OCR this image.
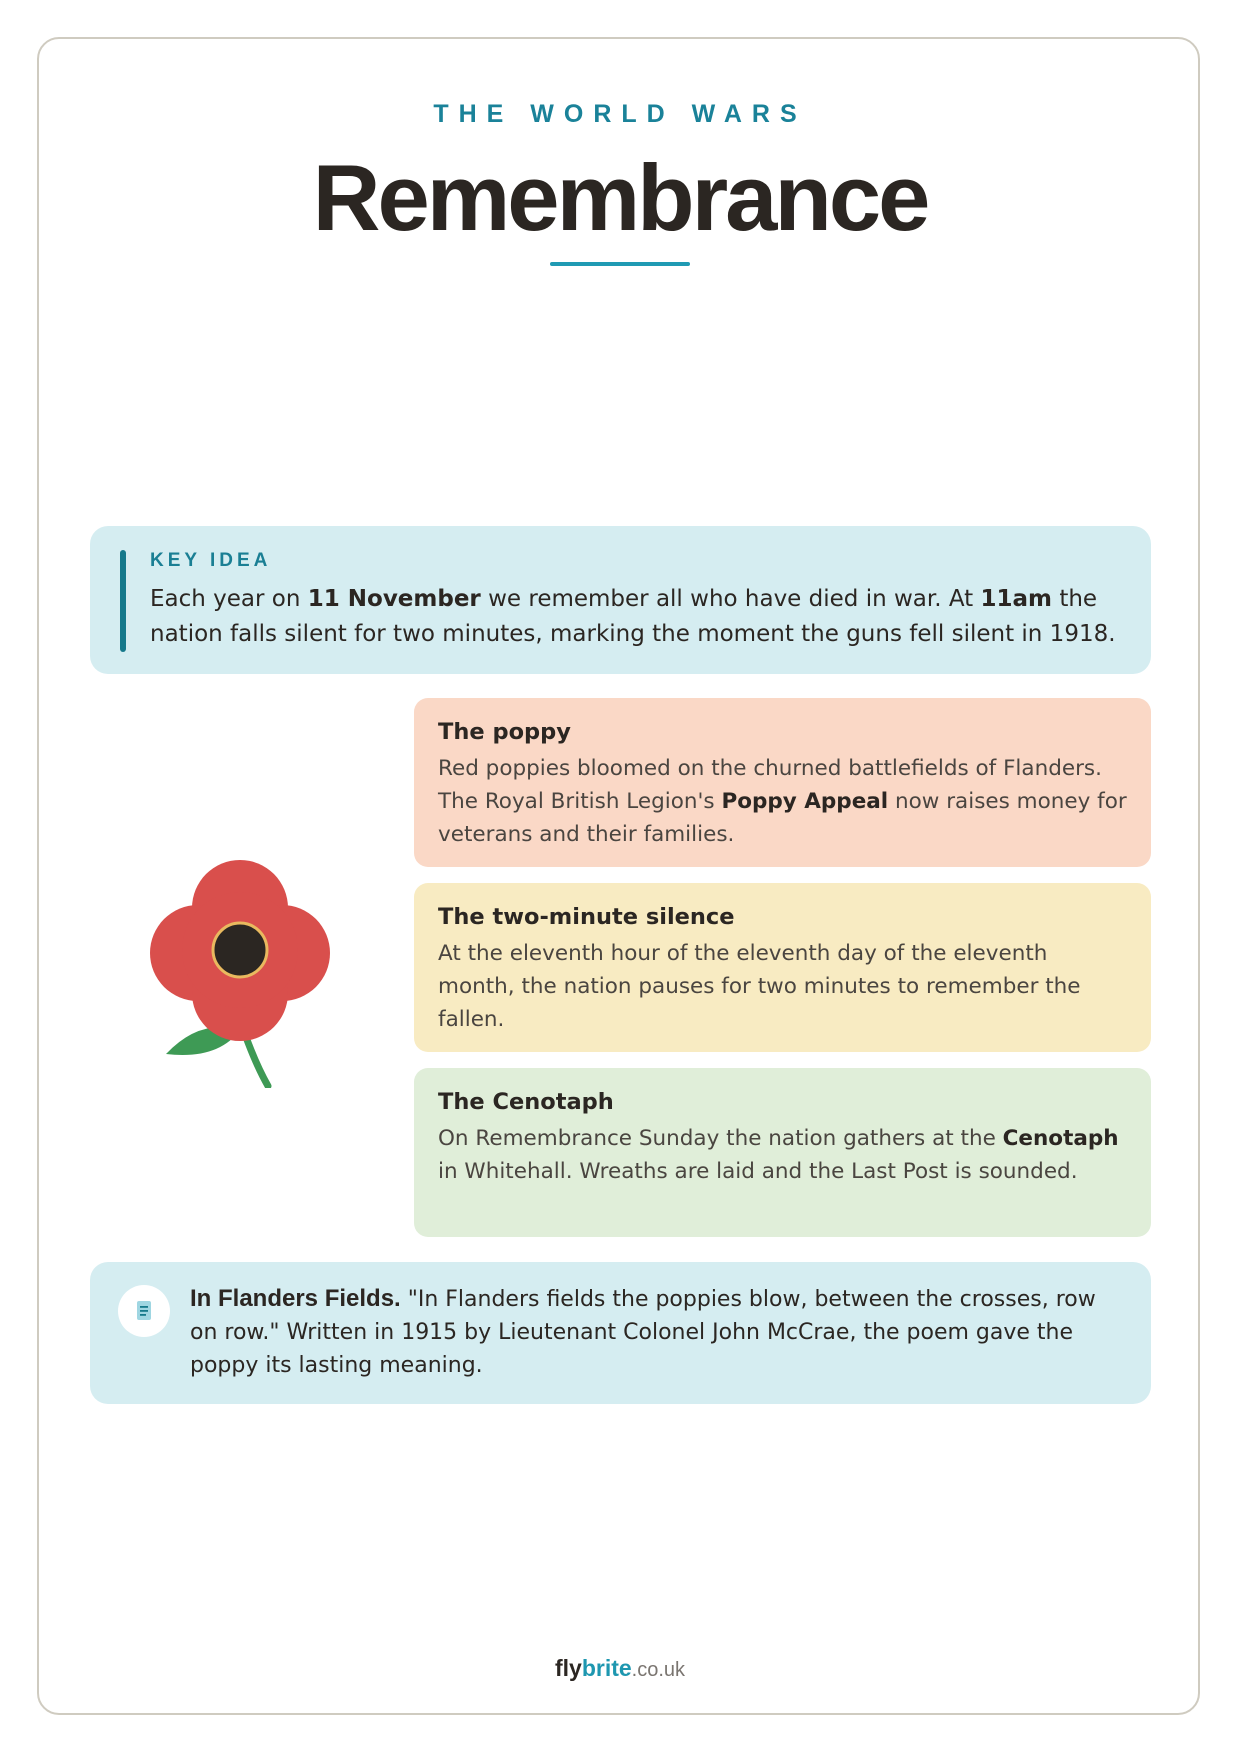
THE WORLD WARS
Remembrance
KEY IDEA
Each year on 11 November we remember all who have died in war. At 11am the nation falls silent for two minutes, marking the moment the guns fell silent in 1918.
The poppy

Red poppies bloomed on the churned battlefields of Flanders. The Royal British Legion's Poppy Appeal now raises money for veterans and their families.

The two-minute silence

At the eleventh hour of the eleventh day of the eleventh month, the nation pauses for two minutes to remember the fallen.

The Cenotaph

On Remembrance Sunday the nation gathers at the Cenotaph in Whitehall. Wreaths are laid and the Last Post is sounded.

In Flanders Fields. "In Flanders fields the poppies blow, between the crosses, row on row." Written in 1915 by Lieutenant Colonel John McCrae, the poem gave the poppy its lasting meaning.
flybrite.co.uk
